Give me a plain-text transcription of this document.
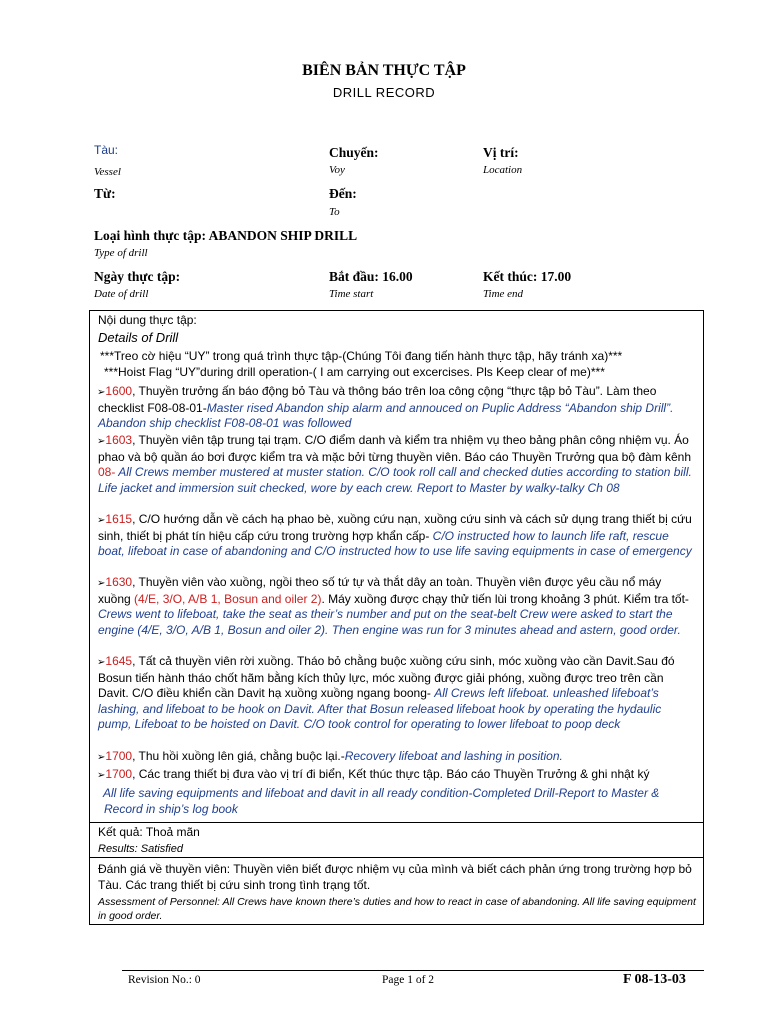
BIÊN BẢN THỰC TẬP
DRILL RECORD
Tàu:
Vessel
Chuyến:
Voy
Vị trí:
Location
Từ:	Đến:
To
Loại hình thực tập: ABANDON SHIP DRILL
Type of drill
Ngày thực tập:
Date of drill
Bắt đầu: 16.00
Time start
Kết thúc: 17.00
Time end
Nội dung thực tập:
Details of Drill
***Treo cờ hiệu “UY” trong quá trình thực tập-(Chúng Tôi đang tiến hành thực tập, hãy tránh xa)***
***Hoist Flag “UY”during drill operation-( I am carrying out excercises. Pls Keep clear of me)***
➢1600, Thuyền trưởng ấn báo động bỏ Tàu và thông báo trên loa công cộng “thực tập bỏ Tàu”. Làm theo checklist F08-08-01-Master rised Abandon ship alarm and annouced on Puplic Address “Abandon ship Drill”. Abandon ship checklist F08-08-01 was followed
➢1603, Thuyền viên tập trung tại trạm. C/O điểm danh và kiểm tra nhiệm vụ theo bảng phân công nhiệm vụ. Áo phao và bộ quần áo bơi được kiểm tra và mặc bởi từng thuyền viên. Báo cáo Thuyền Trưởng qua bộ đàm kênh 08- All Crews member mustered at muster station. C/O took roll call and checked duties according to station bill. Life jacket and immersion suit checked, wore by each crew. Report to Master by walky-talky Ch 08
➢1615, C/O hướng dẫn về cách hạ phao bè, xuồng cứu nạn, xuồng cứu sinh và cách sử dụng trang thiết bị cứu sinh, thiết bị phát tín hiệu cấp cứu trong trường hợp khẩn cấp- C/O instructed how to launch life raft, rescue boat, lifeboat in case of abandoning and C/O instructed how to use life saving equipments in case of emergency
➢1630, Thuyền viên vào xuồng, ngồi theo số tứ tự và thắt dây an toàn. Thuyền viên được yêu cầu nổ máy xuồng (4/E, 3/O, A/B 1, Bosun and oiler 2). Máy xuồng được chạy thử tiến lùi trong khoảng 3 phút. Kiểm tra tốt- Crews went to lifeboat, take the seat as their’s number and put on the seat-belt Crew were asked to start the engine (4/E, 3/O, A/B 1, Bosun and oiler 2). Then engine was run for 3 minutes ahead and astern, good order.
➢1645, Tất cả thuyền viên rời xuồng. Tháo bỏ chằng buộc xuồng cứu sinh, móc xuồng vào cần Davit.Sau đó Bosun tiến hành tháo chốt hãm bằng kích thủy lực, móc xuồng được giải phóng, xuồng được treo trên cần Davit. C/O điều khiển cần Davit hạ xuồng xuồng ngang boong- All Crews left lifeboat. unleashed lifeboat’s lashing, and lifeboat to be hook on Davit. After that Bosun released lifeboat hook by operating the hydaulic pump, Lifeboat to be hoisted on Davit. C/O took control for operating to lower lifeboat to poop deck
➢1700, Thu hồi xuồng lên giá, chằng buộc lại.-Recovery lifeboat and lashing in position.
➢1700, Các trang thiết bị đưa vào vị trí đi biển, Kết thúc thực tập. Báo cáo Thuyền Trưởng & ghi nhật ký
All life saving equipments and lifeboat and davit in all ready condition-Completed Drill-Report to Master & Record in ship’s log book
Kết quả: Thoả mãn
Results: Satisfied
Đánh giá về thuyền viên: Thuyền viên biết được nhiệm vụ của mình và biết cách phản ứng trong trường hợp bỏ Tàu. Các trang thiết bị cứu sinh trong tình trạng tốt.
Assessment of Personnel: All Crews have known there’s duties and how to react in case of abandoning. All life saving equipment in good order.
Revision No.: 0	Page 1 of 2	F 08-13-03
